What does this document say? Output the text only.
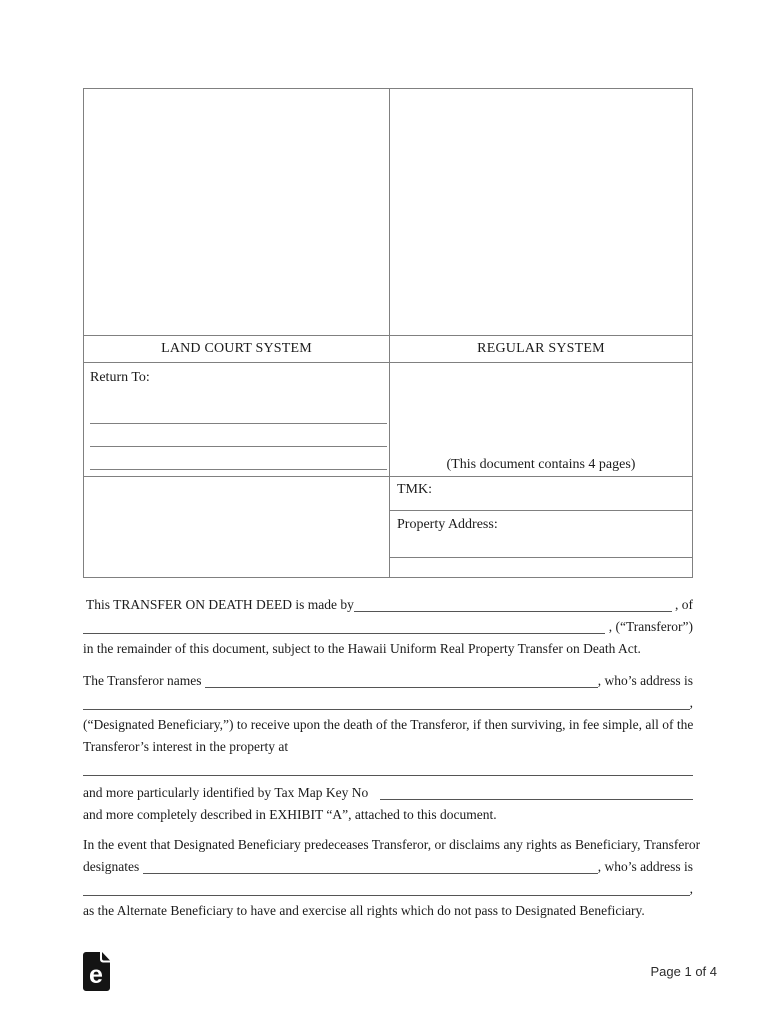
LAND COURT SYSTEM	REGULAR SYSTEM
Return To:
(This document contains 4 pages)
TMK:
Property Address:
This TRANSFER ON DEATH DEED is made by	, of
, (“Transferor”)
in the remainder of this document, subject to the Hawaii Uniform Real Property Transfer on Death Act.
The Transferor names	, who’s address is
,
(“Designated Beneficiary,”) to receive upon the death of the Transferor, if then surviving, in fee simple, all of the
Transferor’s interest in the property at
and more particularly identified by Tax Map Key No
and more completely described in EXHIBIT “A”, attached to this document.
In the event that Designated Beneficiary predeceases Transferor, or disclaims any rights as Beneficiary, Transferor
designates	, who’s address is
,
as the Alternate Beneficiary to have and exercise all rights which do not pass to Designated Beneficiary.
e	Page 1 of 4
